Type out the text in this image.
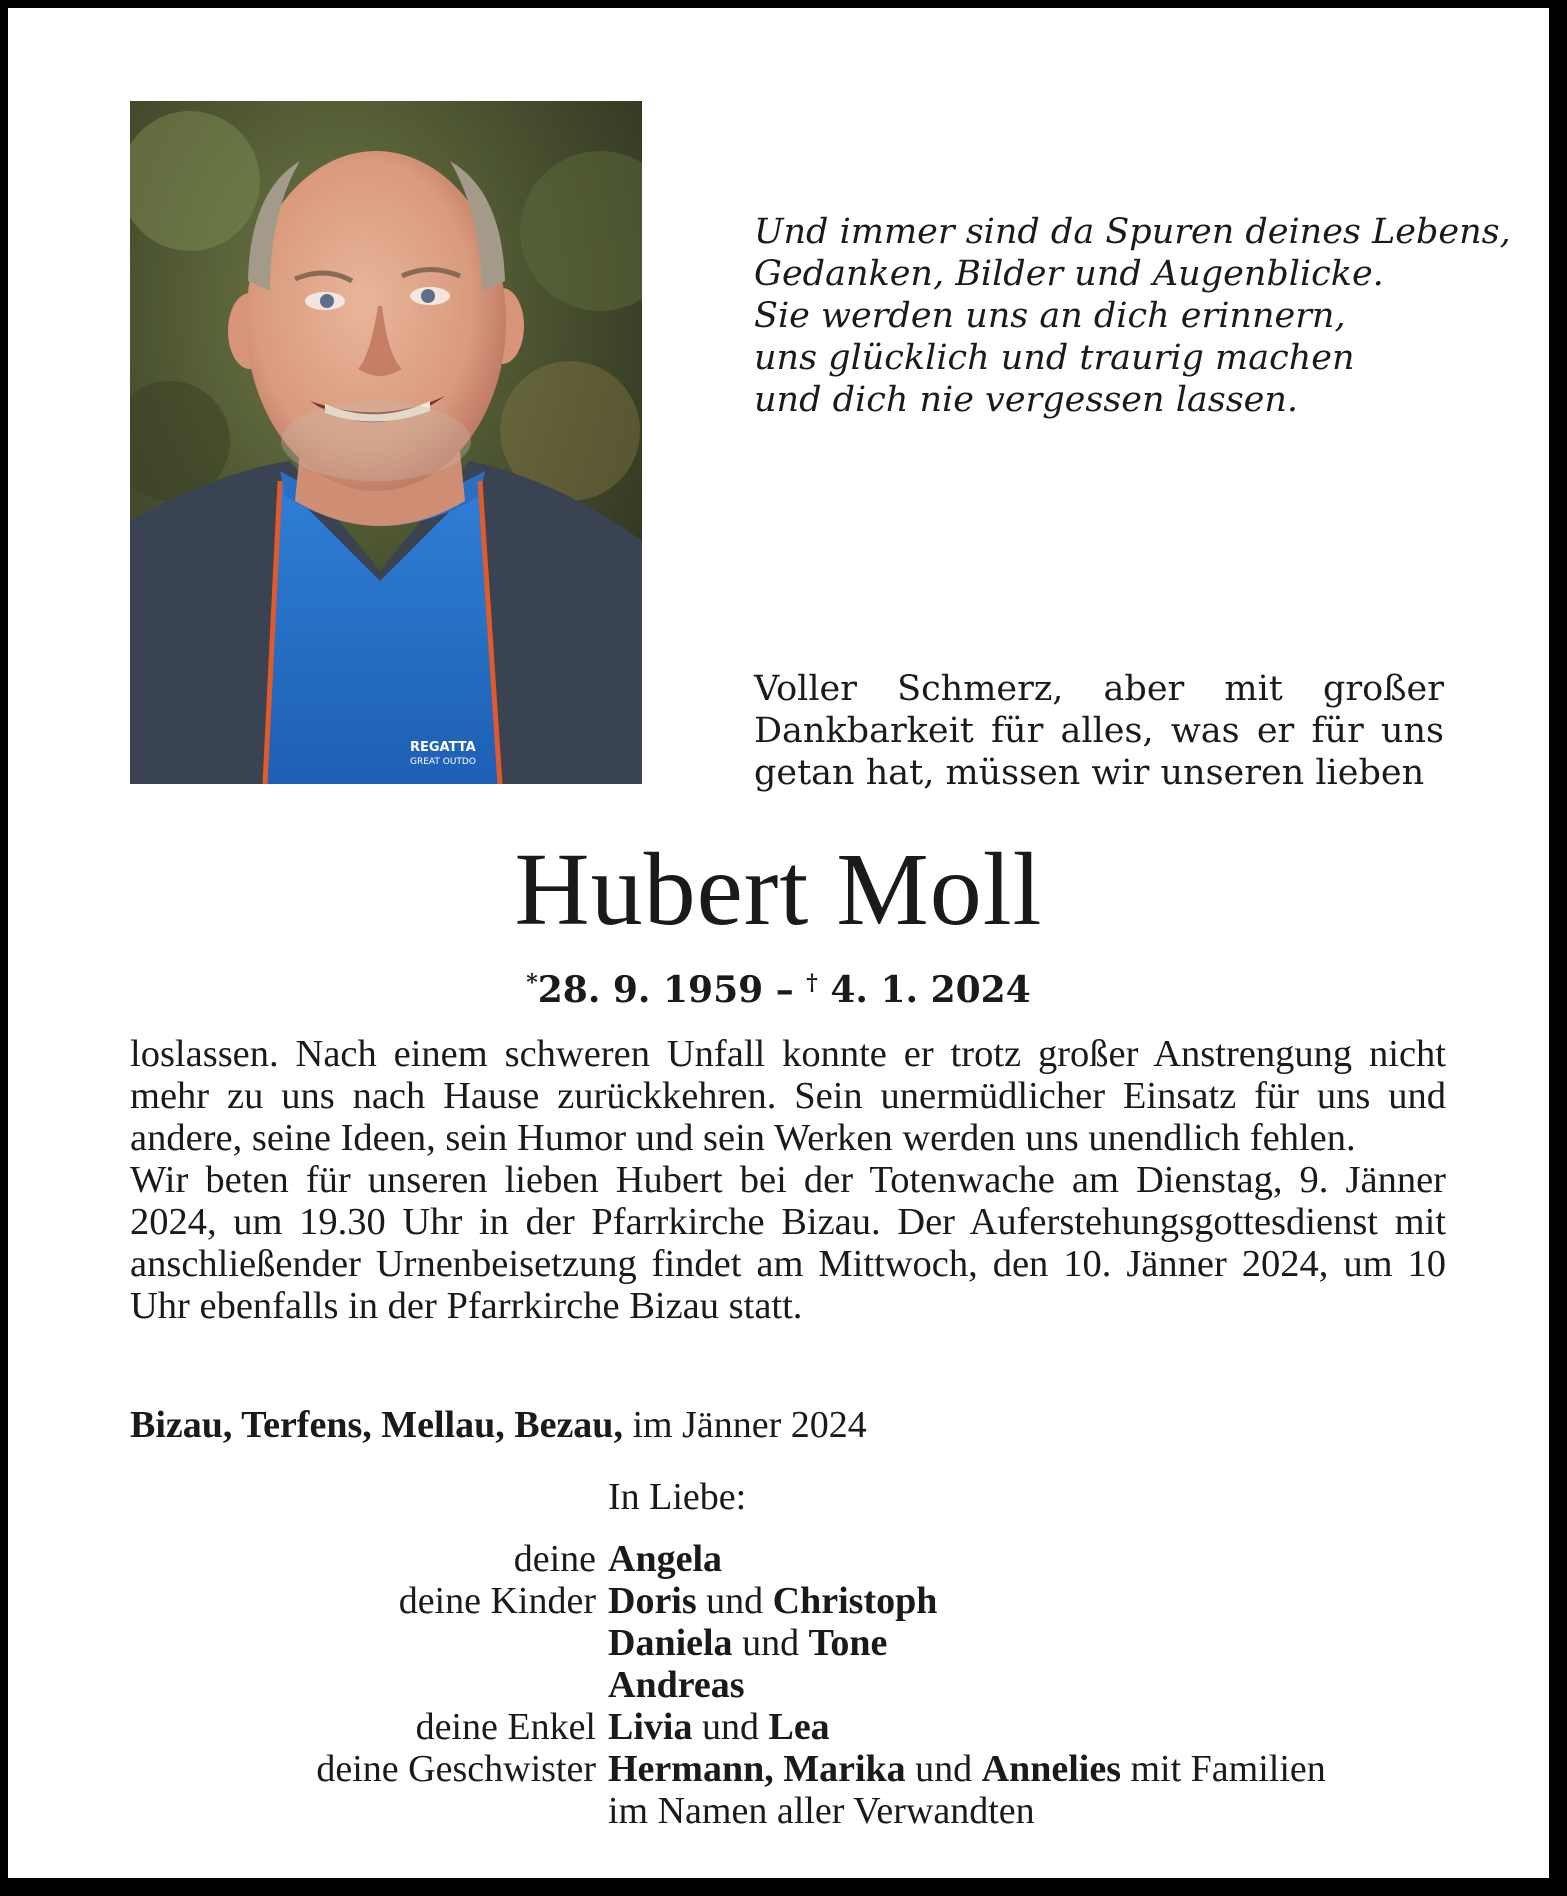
REGATTA
GREAT OUTDO
Und immer sind da Spuren deines Lebens,
Gedanken, Bilder und Augenblicke.
Sie werden uns an dich erinnern,
uns glücklich und traurig machen
und dich nie vergessen lassen.
Voller Schmerz, aber mit großer Dankbarkeit für alles, was er für uns getan hat, müssen wir unseren lieben
Hubert Moll
*28. 9. 1959 – † 4. 1. 2024

loslassen. Nach einem schweren Unfall konnte er trotz großer Anstrengung nicht mehr zu uns nach Hause zurückkehren. Sein unermüdlicher Einsatz für uns und andere, seine Ideen, sein Humor und sein Werken werden uns unendlich fehlen.

Wir beten für unseren lieben Hubert bei der Totenwache am Dienstag, 9. Jänner 2024, um 19.30 Uhr in der Pfarrkirche Bizau. Der Auferstehungsgottesdienst mit anschließender Urnenbeisetzung findet am Mittwoch, den 10. Jänner 2024, um 10 Uhr ebenfalls in der Pfarrkirche Bizau statt.

Bizau, Terfens, Mellau, Bezau, im Jänner 2024
In Liebe:
deine Angela
deine Kinder Doris und Christoph
Daniela und Tone
Andreas
deine Enkel Livia und Lea
deine Geschwister Hermann, Marika und Annelies mit Familien
im Namen aller Verwandten
